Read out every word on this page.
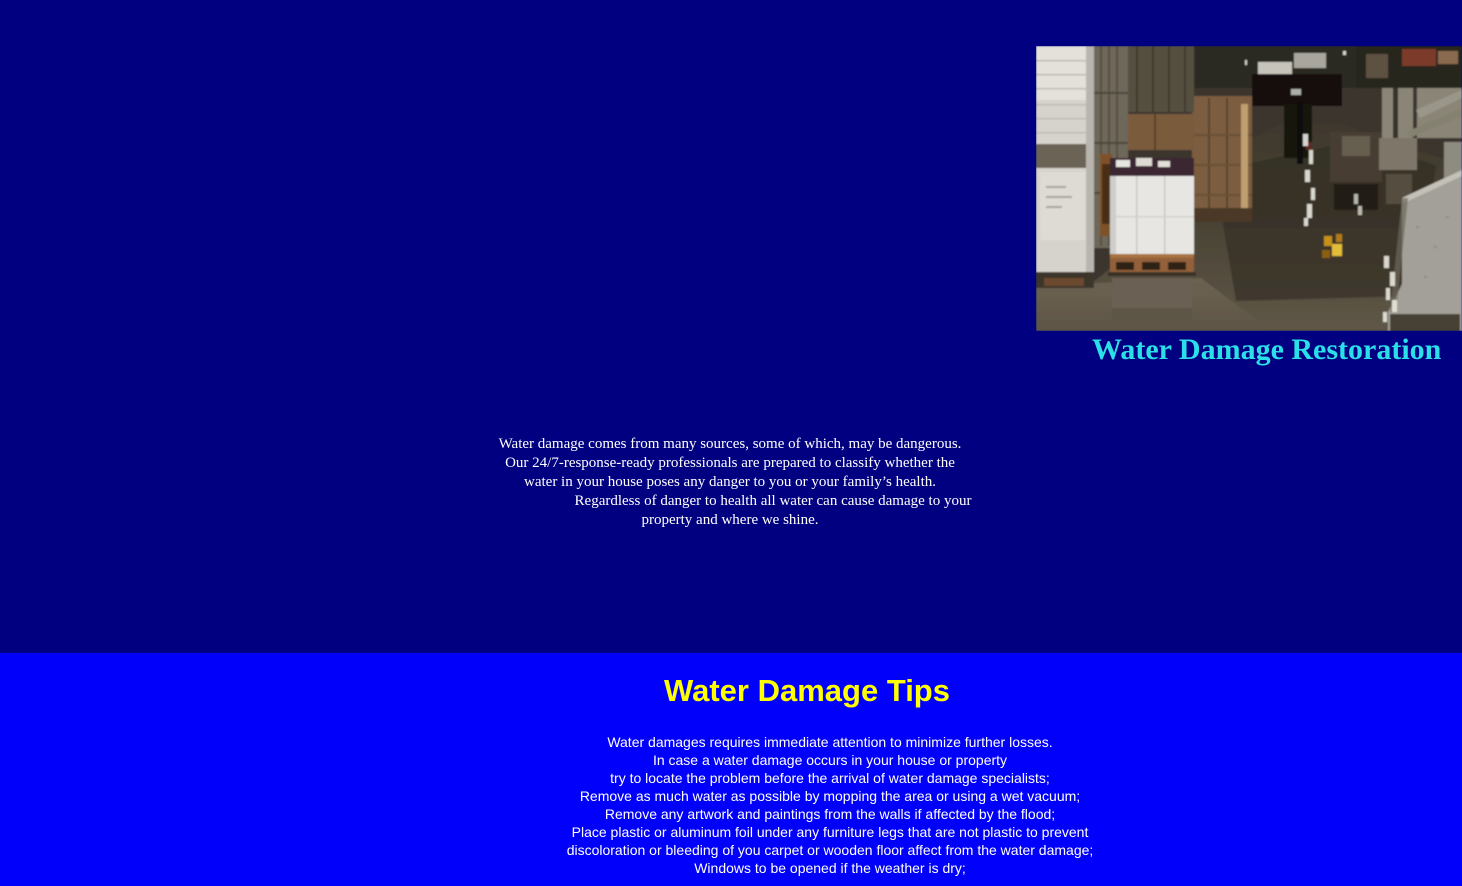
Water Damage Restoration
Water damage comes from many sources, some of which, may be dangerous.
Our 24/7-response-ready professionals are prepared to classify whether the
water in your house poses any danger to you or your family’s health.
Regardless of danger to health all water can cause damage to your
property and where we shine.
Water Damage Tips
Water damages requires immediate attention to minimize further losses.
In case a water damage occurs in your house or property
try to locate the problem before the arrival of water damage specialists;
Remove as much water as possible by mopping the area or using a wet vacuum;
Remove any artwork and paintings from the walls if affected by the flood;
Place plastic or aluminum foil under any furniture legs that are not plastic to prevent
discoloration or bleeding of you carpet or wooden floor affect from the water damage;
Windows to be opened if the weather is dry;
